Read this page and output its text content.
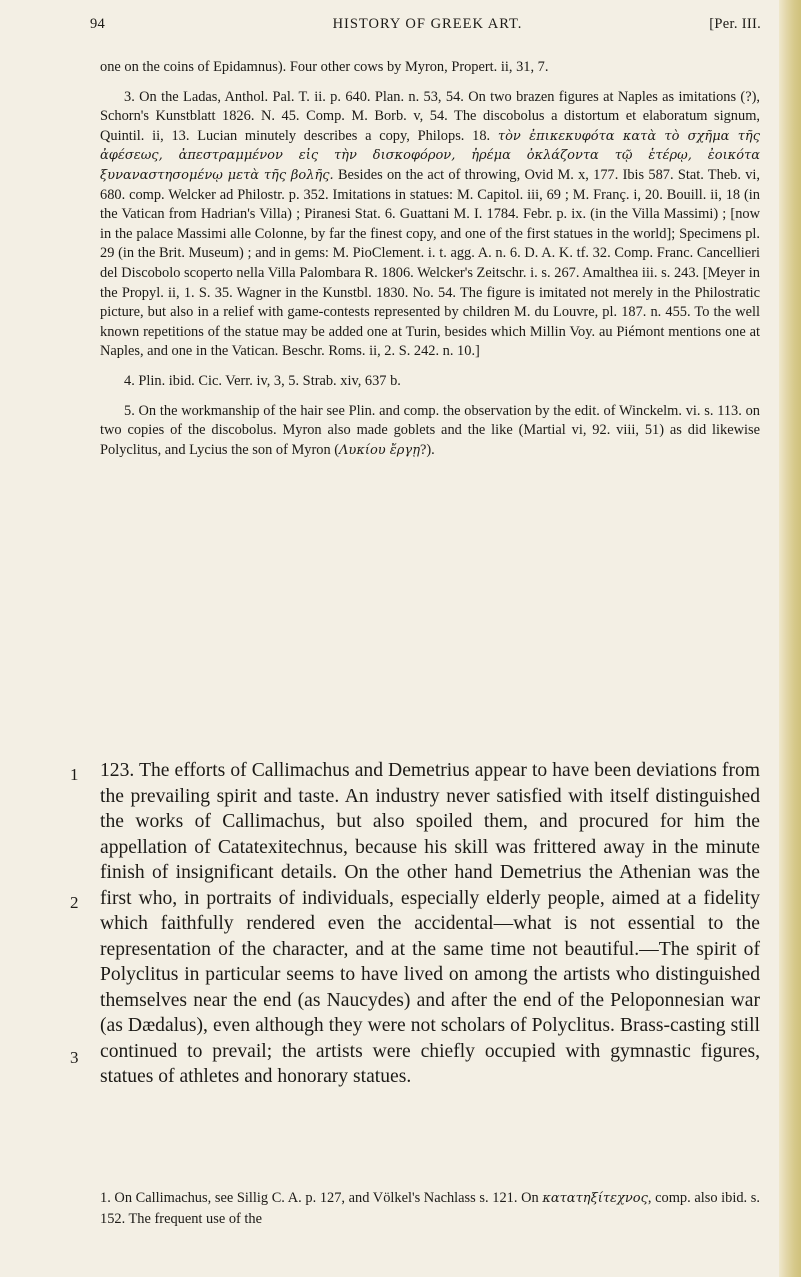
94	HISTORY OF GREEK ART.	[Per. III.

one on the coins of Epidamnus). Four other cows by Myron, Propert. ii, 31, 7.

3. On the Ladas, Anthol. Pal. T. ii. p. 640. Plan. n. 53, 54. On two brazen figures at Naples as imitations (?), Schorn's Kunstblatt 1826. N. 45. Comp. M. Borb. v, 54. The discobolus a distortum et elaboratum signum, Quintil. ii, 13. Lucian minutely describes a copy, Philops. 18. τὸν ἐπικεκυφότα κατὰ τὸ σχῆμα τῆς ἀφέσεως, ἀπεστραμμένον εἰς τὴν δισκοφόρον, ἠρέμα ὀκλάζοντα τῷ ἑτέρῳ, ἐοικότα ξυναναστησομένῳ μετὰ τῆς βολῆς. Besides on the act of throwing, Ovid M. x, 177. Ibis 587. Stat. Theb. vi, 680. comp. Welcker ad Philostr. p. 352. Imitations in statues: M. Capitol. iii, 69 ; M. Franç. i, 20. Bouill. ii, 18 (in the Vatican from Hadrian's Villa) ; Piranesi Stat. 6. Guattani M. I. 1784. Febr. p. ix. (in the Villa Massimi) ; [now in the palace Massimi alle Colonne, by far the finest copy, and one of the first statues in the world]; Specimens pl. 29 (in the Brit. Museum) ; and in gems: M. PioClement. i. t. agg. A. n. 6. D. A. K. tf. 32. Comp. Franc. Cancellieri del Discobolo scoperto nella Villa Palombara R. 1806. Welcker's Zeitschr. i. s. 267. Amalthea iii. s. 243. [Meyer in the Propyl. ii, 1. S. 35. Wagner in the Kunstbl. 1830. No. 54. The figure is imitated not merely in the Philostratic picture, but also in a relief with game-contests represented by children M. du Louvre, pl. 187. n. 455. To the well known repetitions of the statue may be added one at Turin, besides which Millin Voy. au Piémont mentions one at Naples, and one in the Vatican. Beschr. Roms. ii, 2. S. 242. n. 10.]

4. Plin. ibid. Cic. Verr. iv, 3, 5. Strab. xiv, 637 b.

5. On the workmanship of the hair see Plin. and comp. the observation by the edit. of Winckelm. vi. s. 113. on two copies of the discobolus. Myron also made goblets and the like (Martial vi, 92. viii, 51) as did likewise Polyclitus, and Lycius the son of Myron (Λυκίου ἔργῃ?).

1
2
3
123. The efforts of Callimachus and Demetrius appear to have been deviations from the prevailing spirit and taste. An industry never satisfied with itself distinguished the works of Callimachus, but also spoiled them, and procured for him the appellation of Catatexitechnus, because his skill was frittered away in the minute finish of insignificant details. On the other hand Demetrius the Athenian was the first who, in portraits of individuals, especially elderly people, aimed at a fidelity which faithfully rendered even the accidental—what is not essential to the representation of the character, and at the same time not beautiful.—The spirit of Polyclitus in particular seems to have lived on among the artists who distinguished themselves near the end (as Naucydes) and after the end of the Peloponnesian war (as Dædalus), even although they were not scholars of Polyclitus. Brass-casting still continued to prevail; the artists were chiefly occupied with gymnastic figures, statues of athletes and honorary statues.

1. On Callimachus, see Sillig C. A. p. 127, and Völkel's Nachlass s. 121. On κατατηξίτεχνος, comp. also ibid. s. 152. The frequent use of the
